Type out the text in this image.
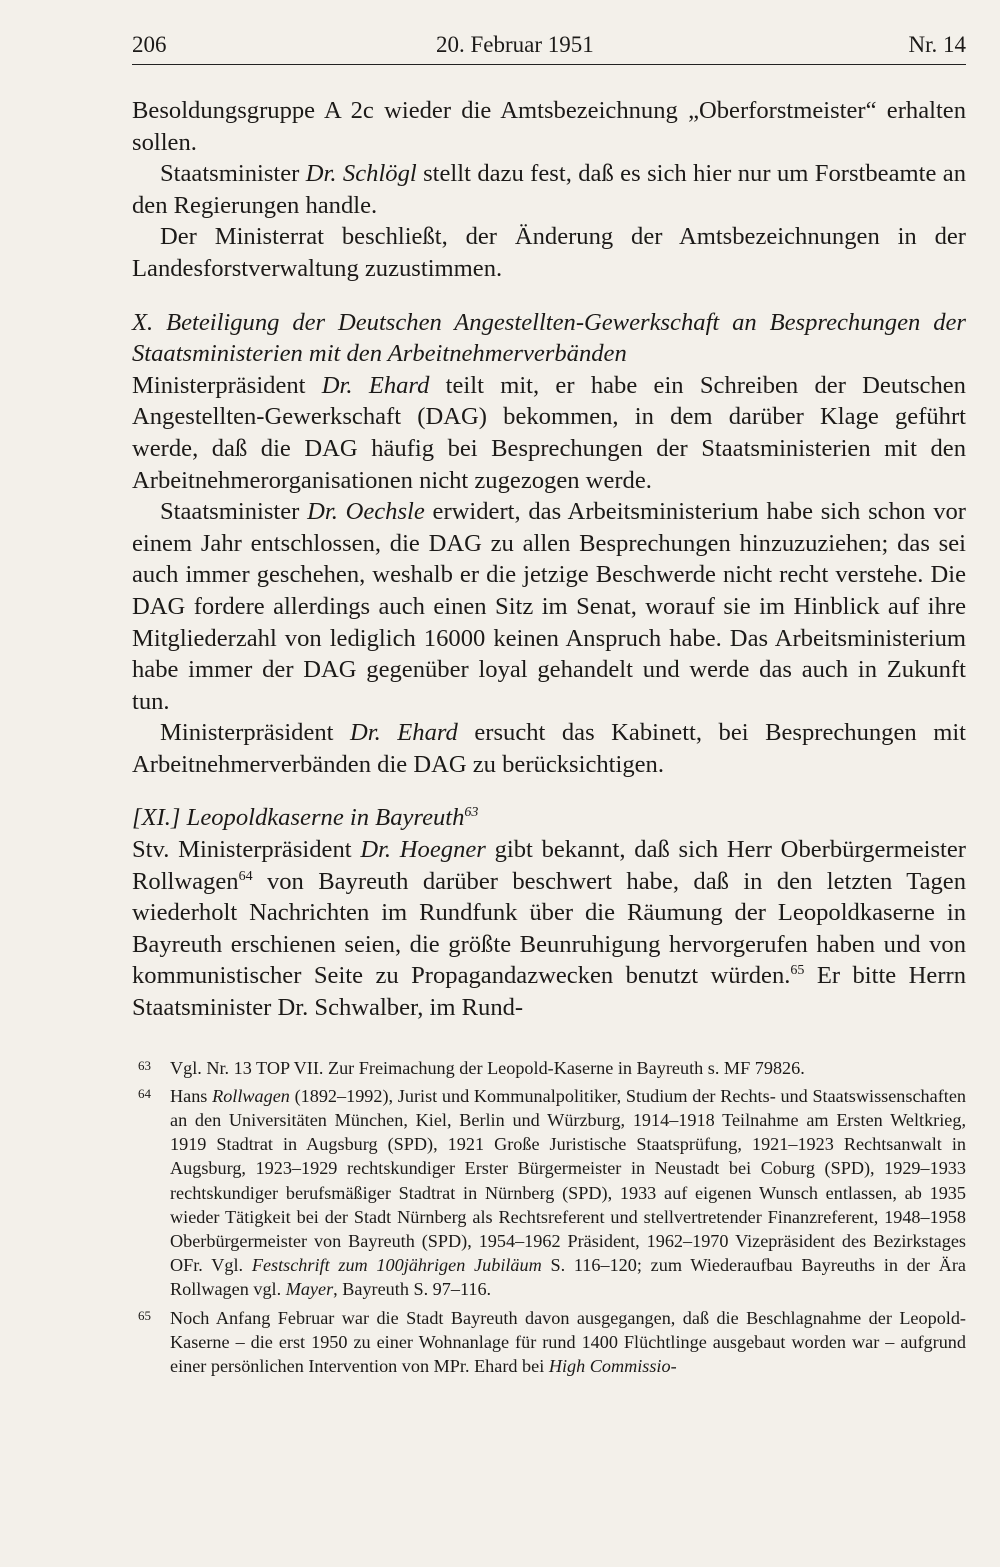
206	20. Februar 1951	Nr. 14

Besoldungsgruppe A 2c wieder die Amtsbezeichnung „Oberforstmeister“ erhalten sollen.

Staatsminister Dr. Schlögl stellt dazu fest, daß es sich hier nur um Forstbeamte an den Regierungen handle.

Der Ministerrat beschließt, der Änderung der Amtsbezeichnungen in der Landesforstverwaltung zuzustimmen.

X. Beteiligung der Deutschen Angestellten-Gewerkschaft an Besprechungen der Staatsministerien mit den Arbeitnehmerverbänden

Ministerpräsident Dr. Ehard teilt mit, er habe ein Schreiben der Deutschen Angestellten-Gewerkschaft (DAG) bekommen, in dem darüber Klage geführt werde, daß die DAG häufig bei Besprechungen der Staatsministerien mit den Arbeitnehmerorganisationen nicht zugezogen werde.

Staatsminister Dr. Oechsle erwidert, das Arbeitsministerium habe sich schon vor einem Jahr entschlossen, die DAG zu allen Besprechungen hinzuzuziehen; das sei auch immer geschehen, weshalb er die jetzige Beschwerde nicht recht verstehe. Die DAG fordere allerdings auch einen Sitz im Senat, worauf sie im Hinblick auf ihre Mitgliederzahl von lediglich 16000 keinen Anspruch habe. Das Arbeitsministerium habe immer der DAG gegenüber loyal gehandelt und werde das auch in Zukunft tun.

Ministerpräsident Dr. Ehard ersucht das Kabinett, bei Besprechungen mit Arbeitnehmerverbänden die DAG zu berücksichtigen.

[XI.] Leopoldkaserne in Bayreuth$^{63}$

Stv. Ministerpräsident Dr. Hoegner gibt bekannt, daß sich Herr Oberbürgermeister Rollwagen$^{64}$ von Bayreuth darüber beschwert habe, daß in den letzten Tagen wiederholt Nachrichten im Rundfunk über die Räumung der Leopoldkaserne in Bayreuth erschienen seien, die größte Beunruhigung hervorgerufen haben und von kommunistischer Seite zu Propagandazwecken benutzt würden.$^{65}$ Er bitte Herrn Staatsminister Dr. Schwalber, im Rund-

63 Vgl. Nr. 13 TOP VII. Zur Freimachung der Leopold-Kaserne in Bayreuth s. MF 79826.
64 Hans Rollwagen (1892–1992), Jurist und Kommunalpolitiker, Studium der Rechts- und Staatswissenschaften an den Universitäten München, Kiel, Berlin und Würzburg, 1914–1918 Teilnahme am Ersten Weltkrieg, 1919 Stadtrat in Augsburg (SPD), 1921 Große Juristische Staatsprüfung, 1921–1923 Rechtsanwalt in Augsburg, 1923–1929 rechtskundiger Erster Bürgermeister in Neustadt bei Coburg (SPD), 1929–1933 rechtskundiger berufsmäßiger Stadtrat in Nürnberg (SPD), 1933 auf eigenen Wunsch entlassen, ab 1935 wieder Tätigkeit bei der Stadt Nürnberg als Rechtsreferent und stellvertretender Finanzreferent, 1948–1958 Oberbürgermeister von Bayreuth (SPD), 1954–1962 Präsident, 1962–1970 Vizepräsident des Bezirkstages OFr. Vgl. Festschrift zum 100jährigen Jubiläum S. 116–120; zum Wiederaufbau Bayreuths in der Ära Rollwagen vgl. Mayer, Bayreuth S. 97–116.
65 Noch Anfang Februar war die Stadt Bayreuth davon ausgegangen, daß die Beschlagnahme der Leopold-Kaserne – die erst 1950 zu einer Wohnanlage für rund 1400 Flüchtlinge ausgebaut worden war – aufgrund einer persönlichen Intervention von MPr. Ehard bei High Commissio-
